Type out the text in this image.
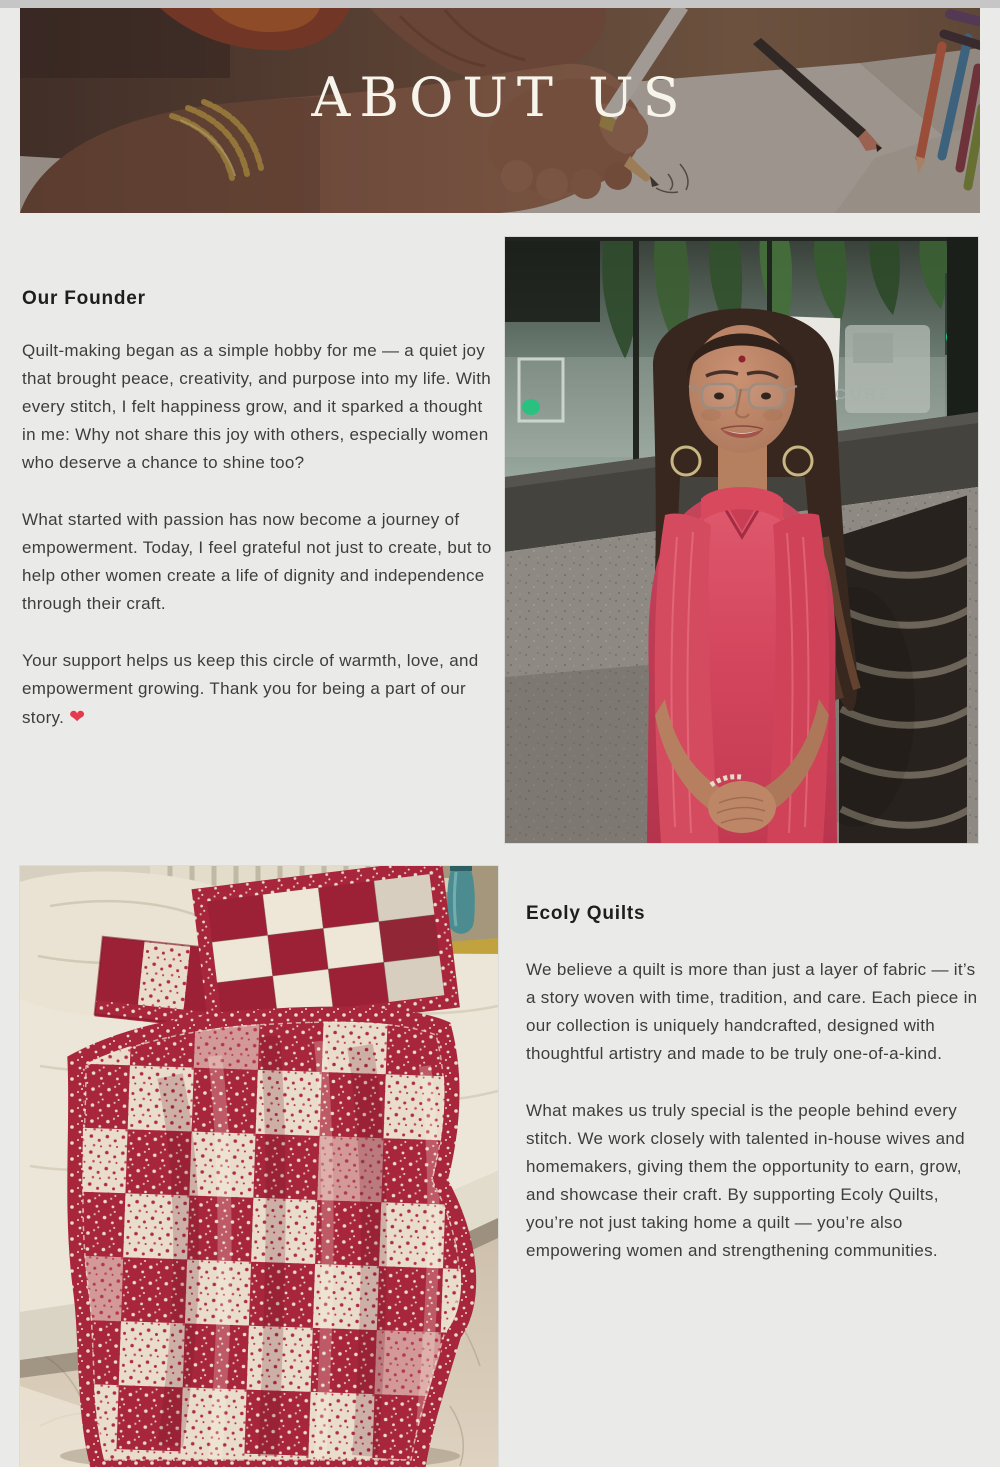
ABOUT US
Our Founder

Quilt-making began as a simple hobby for me — a quiet joy that brought peace, creativity, and purpose into my life. With every stitch, I felt happiness grow, and it sparked a thought in me: Why not share this joy with others, especially women who deserve a chance to shine too?

What started with passion has now become a journey of empowerment. Today, I feel grateful not just to create, but to help other women create a life of dignity and independence through their craft.

Your support helps us keep this circle of warmth, love, and empowerment growing. Thank you for being a part of our story. ❤

CURE
Ecoly Quilts

We believe a quilt is more than just a layer of fabric — it’s a story woven with time, tradition, and care. Each piece in our collection is uniquely handcrafted, designed with thoughtful artistry and made to be truly one-of-a-kind.

What makes us truly special is the people behind every stitch. We work closely with talented in-house wives and homemakers, giving them the opportunity to earn, grow, and showcase their craft. By supporting Ecoly Quilts, you’re not just taking home a quilt — you’re also empowering women and strengthening communities.
